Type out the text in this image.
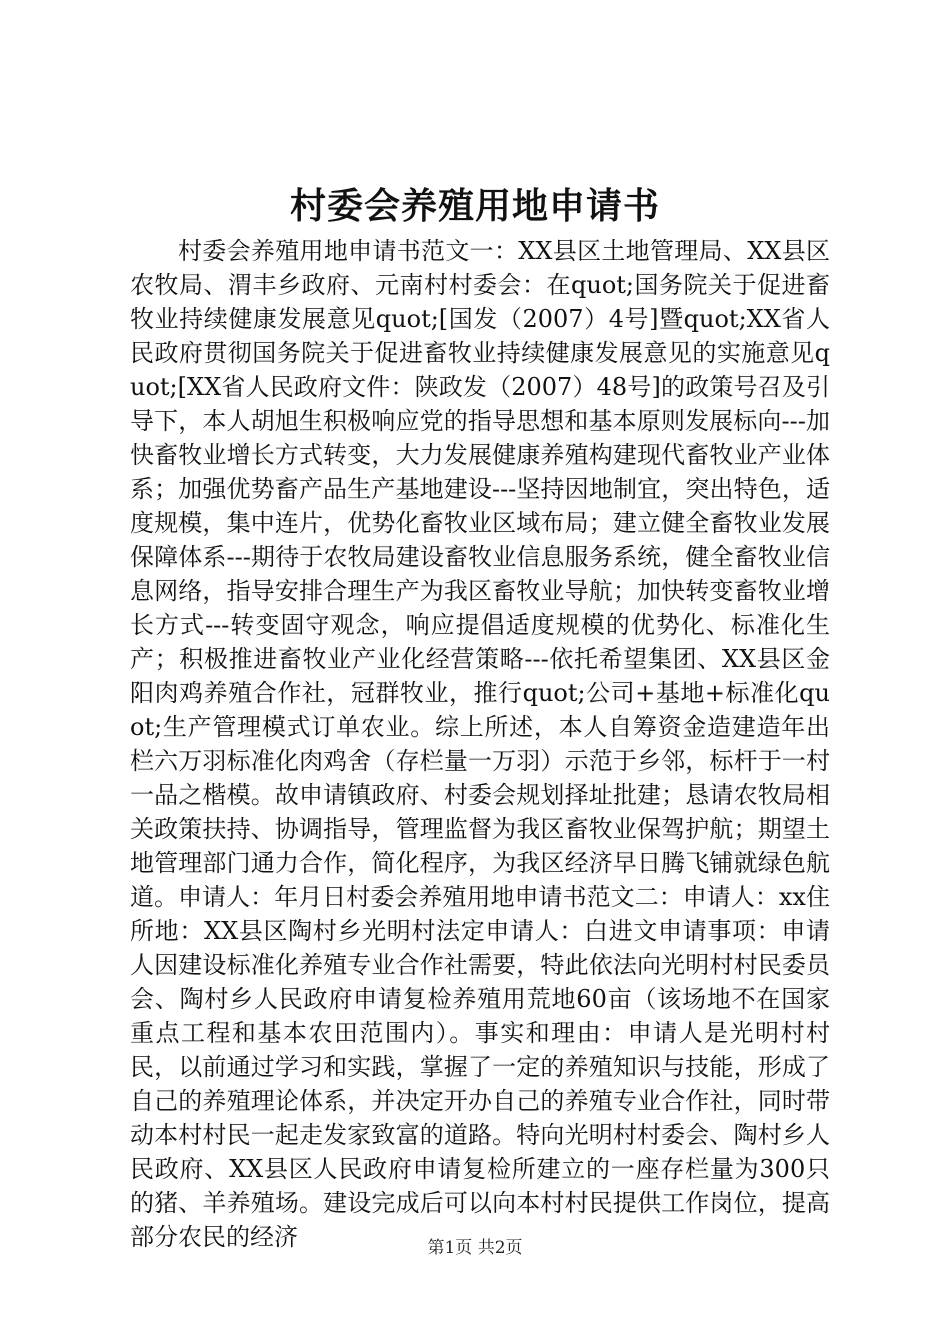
村委会养殖用地申请书

村委会养殖用地申请书范文一：XX县区土地管理局、XX县区农牧局、渭丰乡政府、元南村村委会：在quot;国务院关于促进畜牧业持续健康发展意见quot;[国发（2007）4号]暨quot;XX省人民政府贯彻国务院关于促进畜牧业持续健康发展意见的实施意见quot;[XX省人民政府文件：陕政发（2007）48号]的政策号召及引导下，本人胡旭生积极响应党的指导思想和基本原则发展标向---加快畜牧业增长方式转变，大力发展健康养殖构建现代畜牧业产业体系；加强优势畜产品生产基地建设---坚持因地制宜，突出特色，适度规模，集中连片，优势化畜牧业区域布局；建立健全畜牧业发展保障体系---期待于农牧局建设畜牧业信息服务系统，健全畜牧业信息网络，指导安排合理生产为我区畜牧业导航；加快转变畜牧业增长方式---转变固守观念，响应提倡适度规模的优势化、标准化生产；积极推进畜牧业产业化经营策略---依托希望集团、XX县区金阳肉鸡养殖合作社，冠群牧业，推行quot;公司+基地+标准化quot;生产管理模式订单农业。综上所述，本人自筹资金造建造年出栏六万羽标准化肉鸡舍（存栏量一万羽）示范于乡邻，标杆于一村一品之楷模。故申请镇政府、村委会规划择址批建；恳请农牧局相关政策扶持、协调指导，管理监督为我区畜牧业保驾护航；期望土地管理部门通力合作，简化程序，为我区经济早日腾飞铺就绿色航道。申请人：年月日村委会养殖用地申请书范文二：申请人：xx住所地：XX县区陶村乡光明村法定申请人：白进文申请事项：申请人因建设标准化养殖专业合作社需要，特此依法向光明村村民委员会、陶村乡人民政府申请复检养殖用荒地60亩（该场地不在国家重点工程和基本农田范围内）。事实和理由：申请人是光明村村民，以前通过学习和实践，掌握了一定的养殖知识与技能，形成了自己的养殖理论体系，并决定开办自己的养殖专业合作社，同时带动本村村民一起走发家致富的道路。特向光明村村委会、陶村乡人民政府、XX县区人民政府申请复检所建立的一座存栏量为300只的猪、羊养殖场。建设完成后可以向本村村民提供工作岗位，提高部分农民的经济	第1页 共2页
